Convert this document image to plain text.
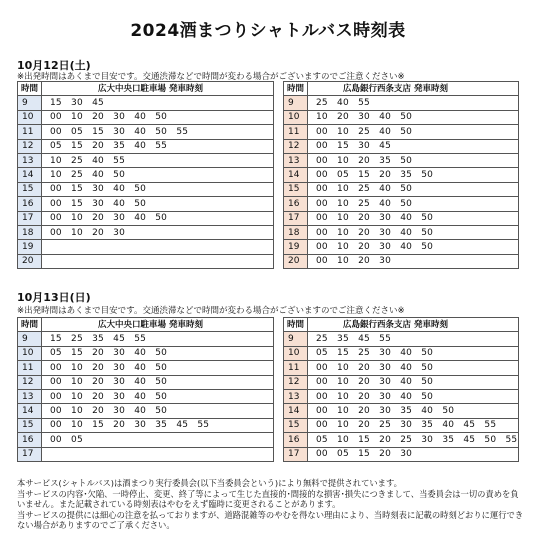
2024酒まつりシャトルバス時刻表
10月12日(土)
※出発時間はあくまで目安です。交通渋滞などで時間が変わる場合がございますのでご注意ください※
時間	広大中央口駐車場 発車時刻
9	15　30　45
10	00　10　20　30　40　50
11	00　05　15　30　40　50　55
12	05　15　20　35　40　55
13	10　25　40　55
14	10　25　40　50
15	00　15　30　40　50
16	00　15　30　40　50
17	00　10　20　30　40　50
18	00　10　20　30
19	
20	
時間	広島銀行西条支店 発車時刻
9	25　40　55
10	10　20　30　40　50
11	00　10　25　40　50
12	00　15　30　45
13	00　10　20　35　50
14	00　05　15　20　35　50
15	00　10　25　40　50
16	00　10　25　40　50
17	00　10　20　30　40　50
18	00　10　20　30　40　50
19	00　10　20　30　40　50
20	00　10　20　30
10月13日(日)
※出発時間はあくまで目安です。交通渋滞などで時間が変わる場合がございますのでご注意ください※
時間	広大中央口駐車場 発車時刻
9	15　25　35　45　55
10	05　15　20　30　40　50
11	00　10　20　30　40　50
12	00　10　20　30　40　50
13	00　10　20　30　40　50
14	00　10　20　30　40　50
15	00　10　15　20　30　35　45　55
16	00　05
17	
時間	広島銀行西条支店 発車時刻
9	25　35　45　55
10	05　15　25　30　40　50
11	00　10　20　30　40　50
12	00　10　20　30　40　50
13	00　10　20　30　40　50
14	00　10　20　30　35　40　50
15	00　10　20　25　30　35　40　45　55
16	05　10　15　20　25　30　35　45　50　55
17	00　05　15　20　30
本サービス(シャトルバス)は酒まつり実行委員会(以下当委員会という)により無料で提供されています。
当サービスの内容･欠陥、一時停止、変更、終了等によって生じた直接的･間接的な損害･損失につきまして、当委員会は一切の責めを負
いません。また記載されている時刻表はやむをえず臨時に変更されることがあります。
当サービスの提供には細心の注意を払っておりますが、道路混雑等のやむを得ない理由により、当時刻表に記載の時刻どおりに運行でき
ない場合がありますのでご了承ください。
